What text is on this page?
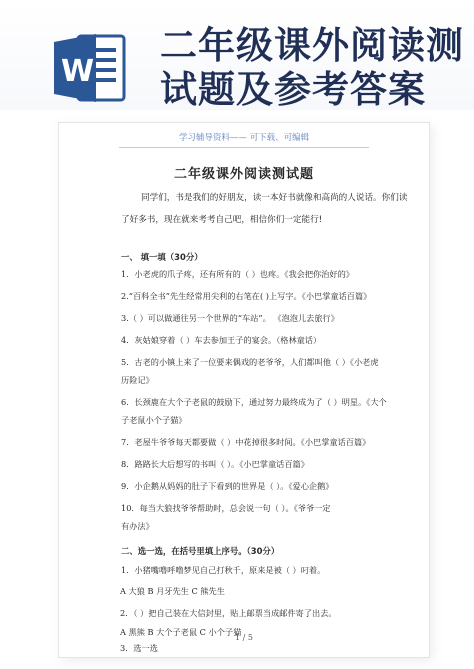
W
二年级课外阅读测
试题及参考答案
学习辅导资料—— 可下载、可编辑
二年级课外阅读测试题
同学们，书是我们的好朋友，读一本好书就像和高尚的人说话。你们读了好多书，现在就来考考自己吧，相信你们一定能行!
一、 填一填（30分）
1．小老虎的爪子疼，还有所有的（ ）也疼。《我会把你治好的》
2.“百科全书”先生经常用尖利的右笔在( )上写字。《小巴掌童话百篇》
3.（ ）可以做通往另一个世界的“车站”。 《泡泡儿去旅行》
4．灰姑娘穿着（ ）车去参加王子的宴会。（格林童话）
5．古老的小镇上来了一位要来偶戏的老爷爷，人们都叫他（ ）《小老虎
历险记》
6．长颈鹿在大个子老鼠的鼓励下，通过努力最终成为了（ ）明星。《大个
子老鼠小个子猫》
7．老屋牛爷爷每天都要做（ ）中花掉很多时间。《小巴掌童话百篇》
8．路路长大后想写的书叫（ ）。《小巴掌童话百篇》
9．小企鹅从妈妈的肚子下看到的世界是（ ）。《爱心企鹅》
10．每当大狼找爷爷帮助时，总会说一句（ ）。《爷爷一定
有办法》
二、选一选，在括号里填上序号。（30分）
1．小猪嘴噜呼噜梦见自己打秋千，原来是被（ ）叼着。
1 / 5
A 大狼 B 月牙先生 C 熊先生
2．（ ）把自己装在大信封里，贴上邮票当成邮件寄了出去。
A 黑熊 B 大个子老鼠 C 小个子猫
3．选一选
